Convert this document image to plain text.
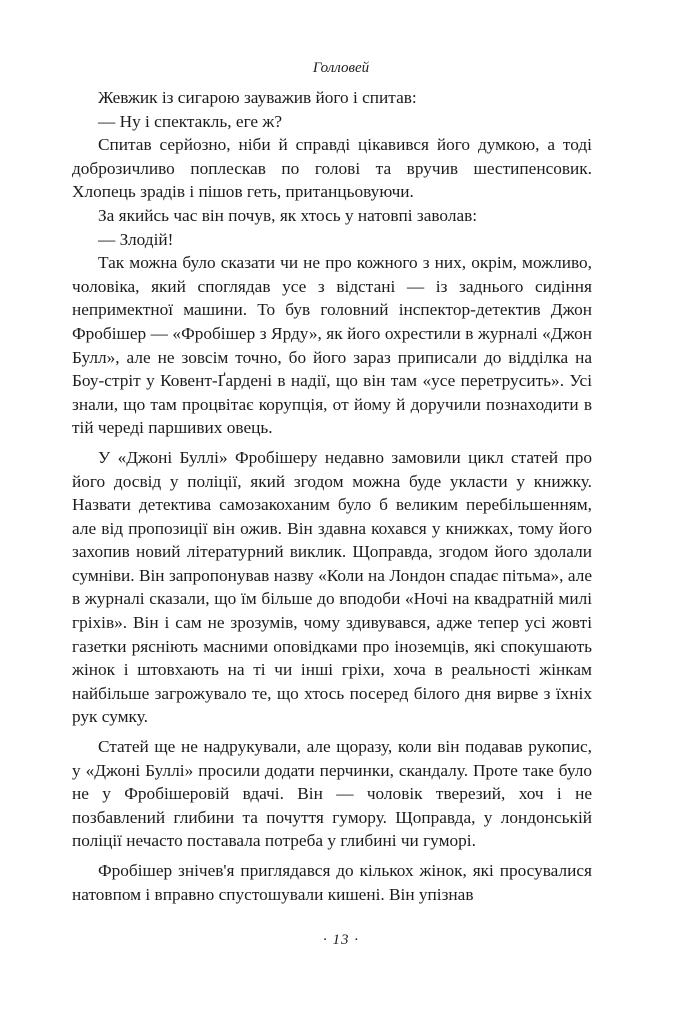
Голловей

Жевжик із сигарою зауважив його і спитав:

— Ну і спектакль, еге ж?

Спитав серйозно, ніби й справді цікавився його думкою, а тоді доброзичливо поплескав по голові та вручив шестипенсовик. Хлопець зрадів і пішов геть, пританцьовуючи.

За якийсь час він почув, як хтось у натовпі заволав:

— Злодій!

Так можна було сказати чи не про кожного з них, окрім, можливо, чоловіка, який споглядав усе з відстані — із заднього сидіння непримектної машини. То був головний інспектор-детектив Джон Фробішер — «Фробішер з Ярду», як його охрестили в журналі «Джон Булл», але не зовсім точно, бо його зараз приписали до відділка на Боу-стріт у Ковент-Ґардені в надії, що він там «усе перетрусить». Усі знали, що там процвітає корупція, от йому й доручили познаходити в тій череді паршивих овець.

У «Джоні Буллі» Фробішеру недавно замовили цикл статей про його досвід у поліції, який згодом можна буде укласти у книжку. Назвати детектива самозакоханим було б великим перебільшенням, але від пропозиції він ожив. Він здавна кохався у книжках, тому його захопив новий літературний виклик. Щоправда, згодом його здолали сумніви. Він запропонував назву «Коли на Лондон спадає пітьма», але в журналі сказали, що їм більше до вподоби «Ночі на квадратній милі гріхів». Він і сам не зрозумів, чому здивувався, адже тепер усі жовті газетки рясніють масними оповідками про іноземців, які спокушають жінок і штовхають на ті чи інші гріхи, хоча в реальності жінкам найбільше загрожувало те, що хтось посеред білого дня вирве з їхніх рук сумку.

Статей ще не надрукували, але щоразу, коли він подавав рукопис, у «Джоні Буллі» просили додати перчинки, скандалу. Проте таке було не у Фробішеровій вдачі. Він — чоловік тверезий, хоч і не позбавлений глибини та почуття гумору. Щоправда, у лондонській поліції нечасто поставала потреба у глибині чи гуморі.

Фробішер знічев'я приглядався до кількох жінок, які просувалися натовпом і вправно спустошували кишені. Він упізнав

· 13 ·
